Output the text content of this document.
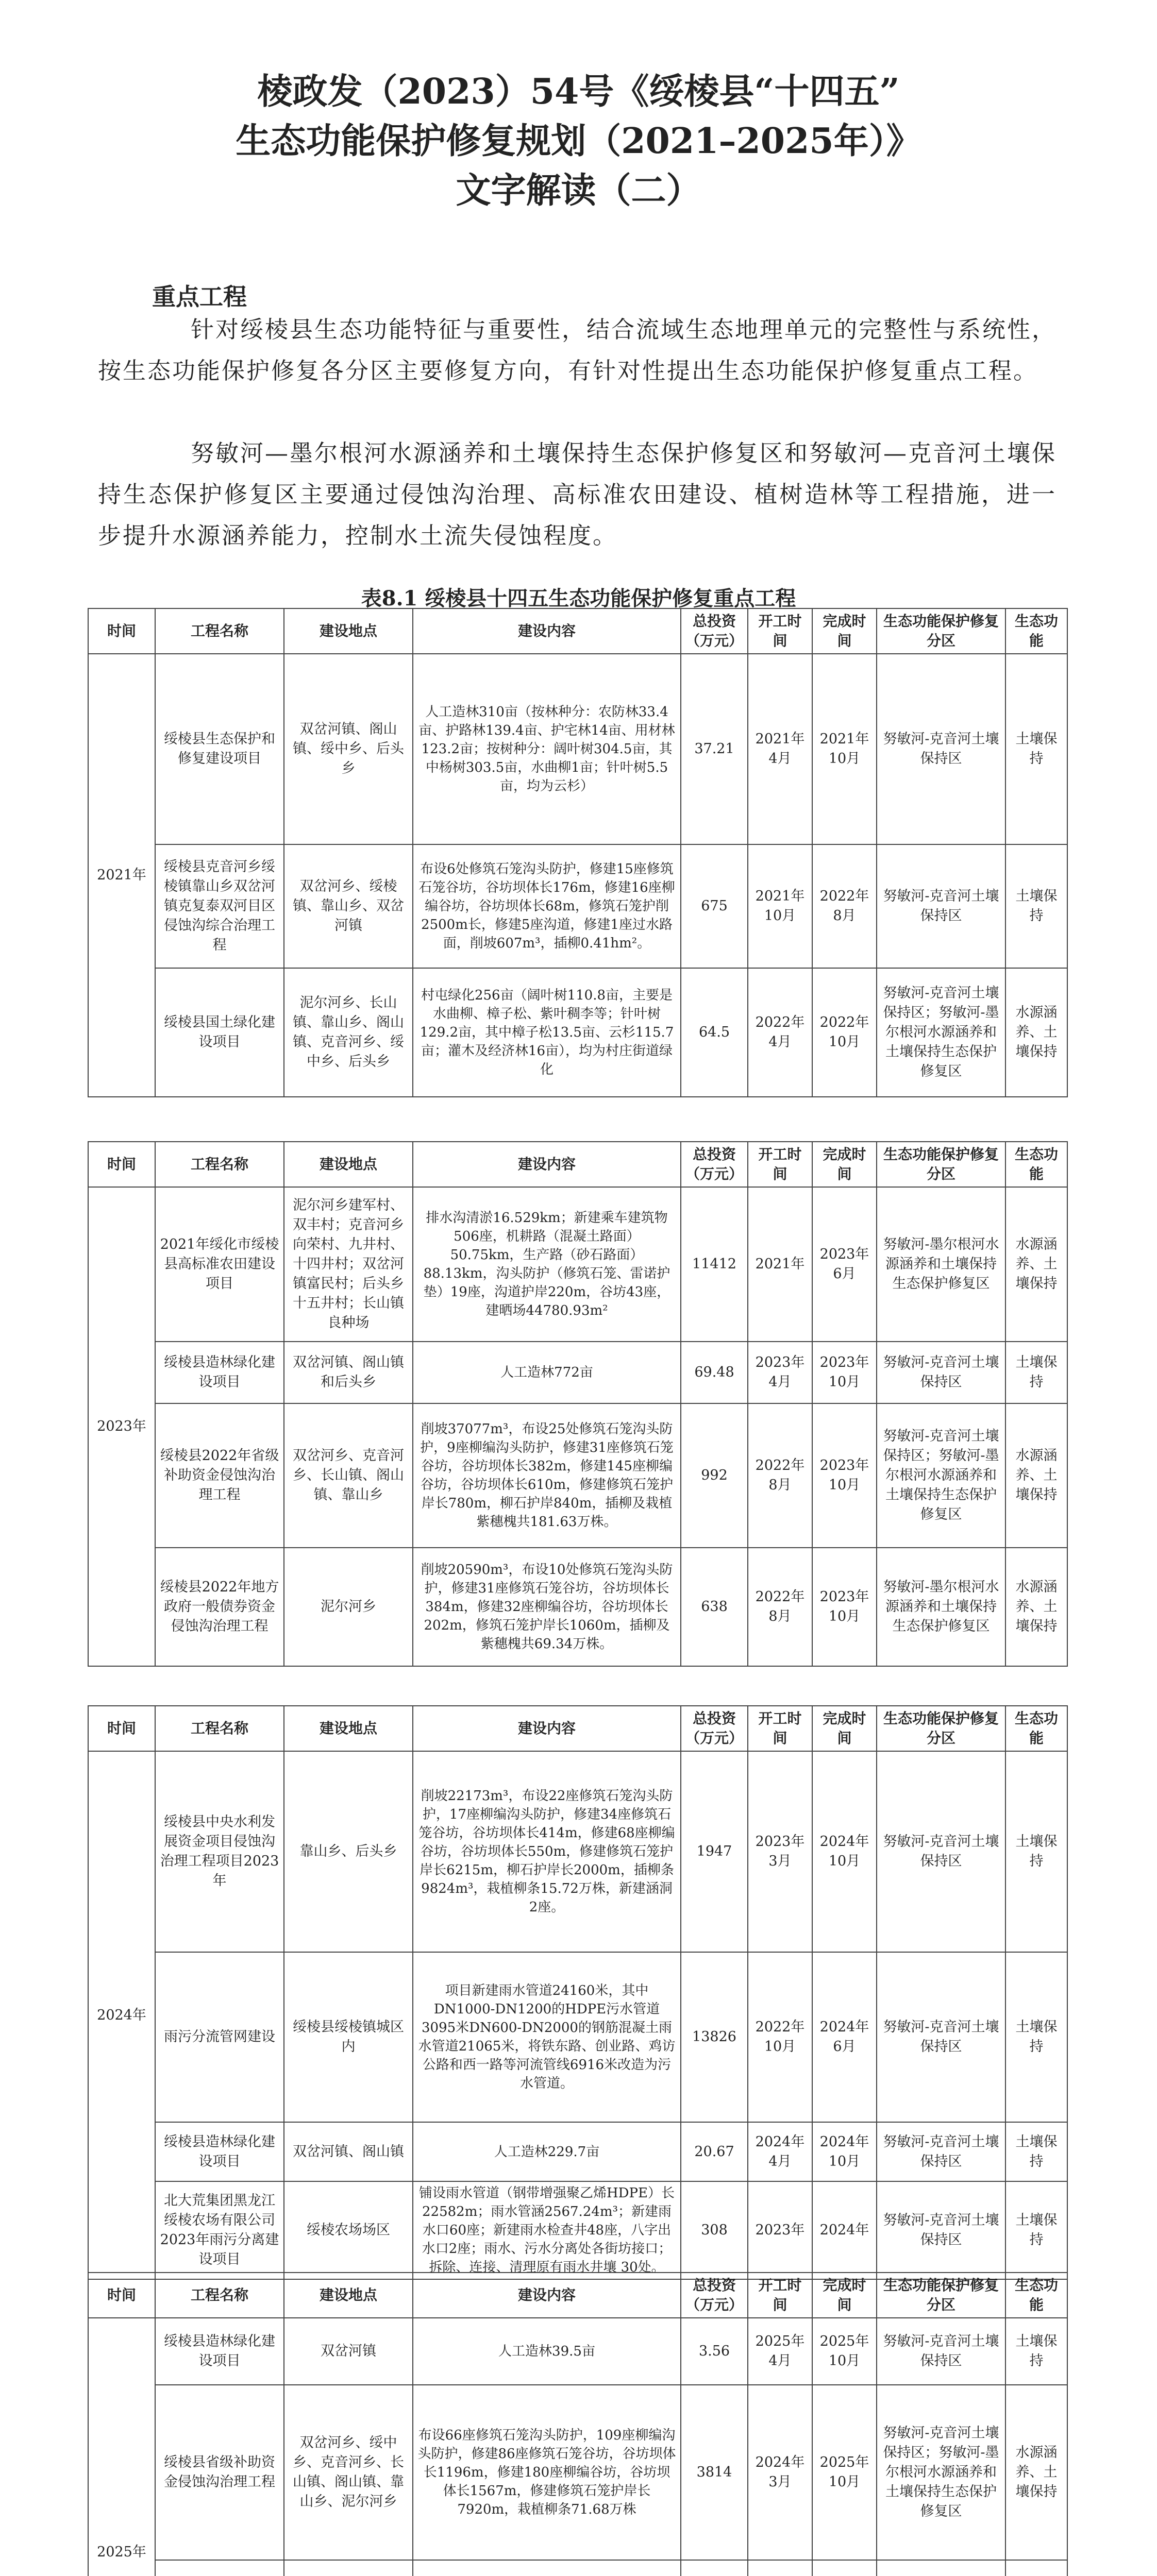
棱政发（2023）54号《绥棱县“十四五”
生态功能保护修复规划（2021–2025年）》
文字解读（二）
重点工程

针对绥棱县生态功能特征与重要性，结合流域生态地理单元的完整性与系统性，按生态功能保护修复各分区主要修复方向，有针对性提出生态功能保护修复重点工程。

努敏河—墨尔根河水源涵养和土壤保持生态保护修复区和努敏河—克音河土壤保持生态保护修复区主要通过侵蚀沟治理、高标准农田建设、植树造林等工程措施，进一步提升水源涵养能力，控制水土流失侵蚀程度。

表8.1 绥棱县十四五生态功能保护修复重点工程
时间	工程名称	建设地点	建设内容	总投资（万元）	开工时间	完成时间	生态功能保护修复分区	生态功能
2021年	绥棱县生态保护和修复建设项目	双岔河镇、阁山镇、绥中乡、后头乡	人工造林310亩（按林种分：农防林33.4亩、护路林139.4亩、护宅林14亩、用材林123.2亩；按树种分：阔叶树304.5亩，其中杨树303.5亩，水曲柳1亩；针叶树5.5亩，均为云杉）	37.21	2021年4月	2021年10月	努敏河-克音河土壤保持区	土壤保持
	绥棱县克音河乡绥棱镇靠山乡双岔河镇克复泰双河目区侵蚀沟综合治理工程	双岔河乡、绥棱镇、靠山乡、双岔河镇	布设6处修筑石笼沟头防护，修建15座修筑石笼谷坊，谷坊坝体长176m，修建16座柳编谷坊，谷坊坝体长68m，修筑石笼护削2500m长，修建5座沟道，修建1座过水路面，削坡607m³，插柳0.41hm²。	675	2021年10月	2022年8月	努敏河-克音河土壤保持区	土壤保持
	绥棱县国土绿化建设项目	泥尔河乡、长山镇、靠山乡、阁山镇、克音河乡、绥中乡、后头乡	村屯绿化256亩（阔叶树110.8亩，主要是水曲柳、樟子松、紫叶稠李等；针叶树129.2亩，其中樟子松13.5亩、云杉115.7亩；灌木及经济林16亩），均为村庄街道绿化	64.5	2022年4月	2022年10月	努敏河-克音河土壤保持区；努敏河-墨尔根河水源涵养和土壤保持生态保护修复区	水源涵养、土壤保持
时间	工程名称	建设地点	建设内容	总投资（万元）	开工时间	完成时间	生态功能保护修复分区	生态功能
2023年	2021年绥化市绥棱县高标准农田建设项目	泥尔河乡建军村、双丰村；克音河乡向荣村、九井村、十四井村；双岔河镇富民村；后头乡十五井村；长山镇良种场	排水沟清淤16.529km；新建乘车建筑物506座，机耕路（混凝土路面）50.75km，生产路（砂石路面）88.13km，沟头防护（修筑石笼、雷诺护垫）19座，沟道护岸220m，谷坊43座，建晒场44780.93m²	11412	2021年	2023年6月	努敏河-墨尔根河水源涵养和土壤保持生态保护修复区	水源涵养、土壤保持
	绥棱县造林绿化建设项目	双岔河镇、阁山镇和后头乡	人工造林772亩	69.48	2023年4月	2023年10月	努敏河-克音河土壤保持区	土壤保持
	绥棱县2022年省级补助资金侵蚀沟治理工程	双岔河乡、克音河乡、长山镇、阁山镇、靠山乡	削坡37077m³，布设25处修筑石笼沟头防护，9座柳编沟头防护，修建31座修筑石笼谷坊，谷坊坝体长382m，修建145座柳编谷坊，谷坊坝体长610m，修建修筑石笼护岸长780m，柳石护岸840m，插柳及栽植紫穗槐共181.63万株。	992	2022年8月	2023年10月	努敏河-克音河土壤保持区；努敏河-墨尔根河水源涵养和土壤保持生态保护修复区	水源涵养、土壤保持
	绥棱县2022年地方政府一般债券资金侵蚀沟治理工程	泥尔河乡	削坡20590m³，布设10处修筑石笼沟头防护，修建31座修筑石笼谷坊，谷坊坝体长384m，修建32座柳编谷坊，谷坊坝体长202m，修筑石笼护岸长1060m，插柳及紫穗槐共69.34万株。	638	2022年8月	2023年10月	努敏河-墨尔根河水源涵养和土壤保持生态保护修复区	水源涵养、土壤保持
时间	工程名称	建设地点	建设内容	总投资（万元）	开工时间	完成时间	生态功能保护修复分区	生态功能
2024年	绥棱县中央水利发展资金项目侵蚀沟治理工程项目2023年	靠山乡、后头乡	削坡22173m³，布设22座修筑石笼沟头防护，17座柳编沟头防护，修建34座修筑石笼谷坊，谷坊坝体长414m，修建68座柳编谷坊，谷坊坝体长550m，修建修筑石笼护岸长6215m，柳石护岸长2000m，插柳条9824m³，栽植柳条15.72万株，新建涵洞2座。	1947	2023年3月	2024年10月	努敏河-克音河土壤保持区	土壤保持
	雨污分流管网建设	绥棱县绥棱镇城区内	项目新建雨水管道24160米，其中DN1000-DN1200的HDPE污水管道3095米DN600-DN2000的钢筋混凝土雨水管道21065米，将铁东路、创业路、鸡访公路和西一路等河流管线6916米改造为污水管道。	13826	2022年10月	2024年6月	努敏河-克音河土壤保持区	土壤保持
	绥棱县造林绿化建设项目	双岔河镇、阁山镇	人工造林229.7亩	20.67	2024年4月	2024年10月	努敏河-克音河土壤保持区	土壤保持
	北大荒集团黑龙江绥棱农场有限公司2023年雨污分离建设项目	绥棱农场场区	铺设雨水管道（钢带增强聚乙烯HDPE）长22582m；雨水管涵2567.24m³；新建雨水口60座；新建雨水检查井48座，八字出水口2座；雨水、污水分离处各街坊接口；拆除、连接、清理原有雨水井壤 30处。	308	2023年	2024年	努敏河-克音河土壤保持区	土壤保持
时间	工程名称	建设地点	建设内容	总投资（万元）	开工时间	完成时间	生态功能保护修复分区	生态功能
2025年	绥棱县造林绿化建设项目	双岔河镇	人工造林39.5亩	3.56	2025年4月	2025年10月	努敏河-克音河土壤保持区	土壤保持
	绥棱县省级补助资金侵蚀沟治理工程	双岔河乡、绥中乡、克音河乡、长山镇、阁山镇、靠山乡、泥尔河乡	布设66座修筑石笼沟头防护，109座柳编沟头防护，修建86座修筑石笼谷坊，谷坊坝体长1196m，修建180座柳编谷坊，谷坊坝体长1567m，修建修筑石笼护岸长7920m，栽植柳条71.68万株	3814	2024年3月	2025年10月	努敏河-克音河土壤保持区；努敏河-墨尔根河水源涵养和土壤保持生态保护修复区	水源涵养、土壤保持
